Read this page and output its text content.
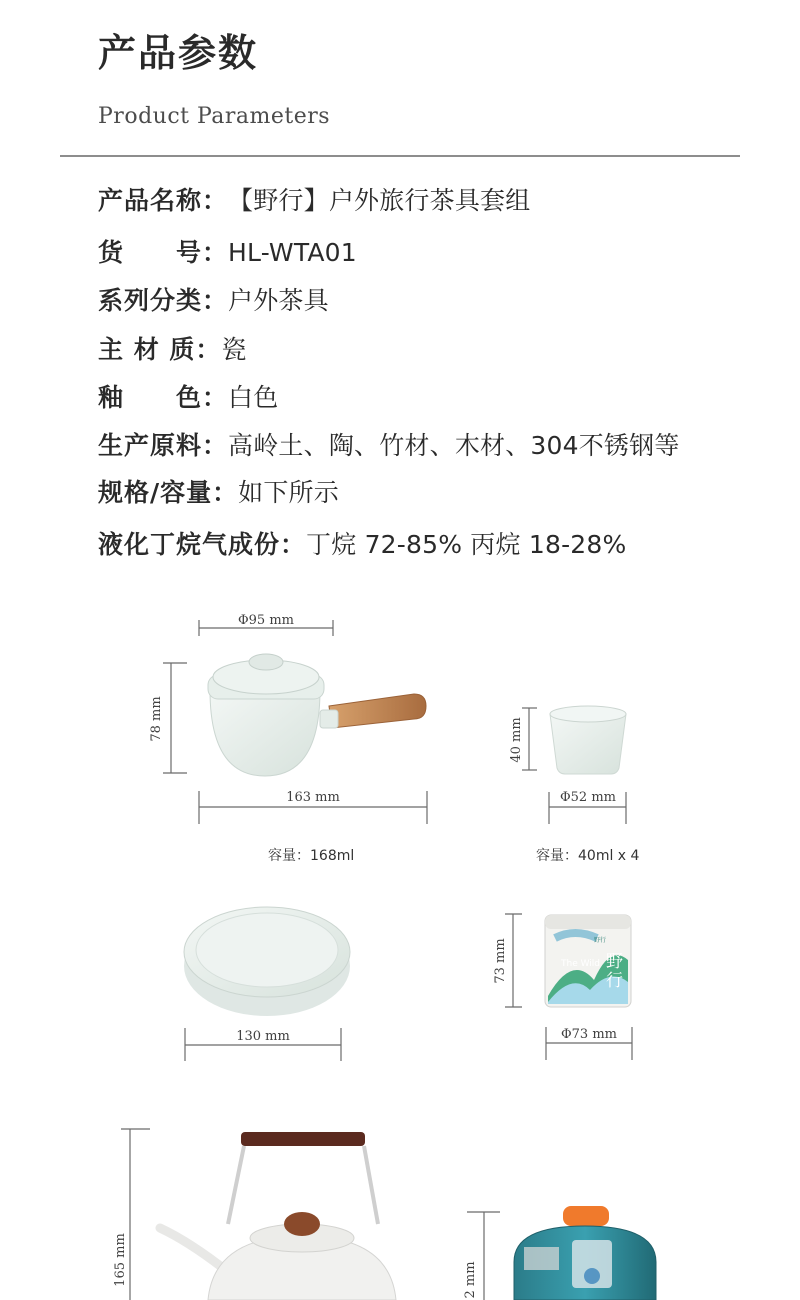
产品参数
Product Parameters
产品名称：【野行】户外旅行茶具套组
货　　号：HL-WTA01
系列分类：户外茶具
主 材 质：瓷
釉　　色：白色
生产原料：高岭土、陶、竹材、木材、304不锈钢等
规格/容量：如下所示
液化丁烷气成份：丁烷 72-85% 丙烷 18-28%
Φ95 mm
78 mm
163 mm
40 mm
Φ52 mm
130 mm
野行
The Wild 野
行
73 mm
Φ73 mm
165 mm	2 mm
容量：168ml	容量：40ml x 4
